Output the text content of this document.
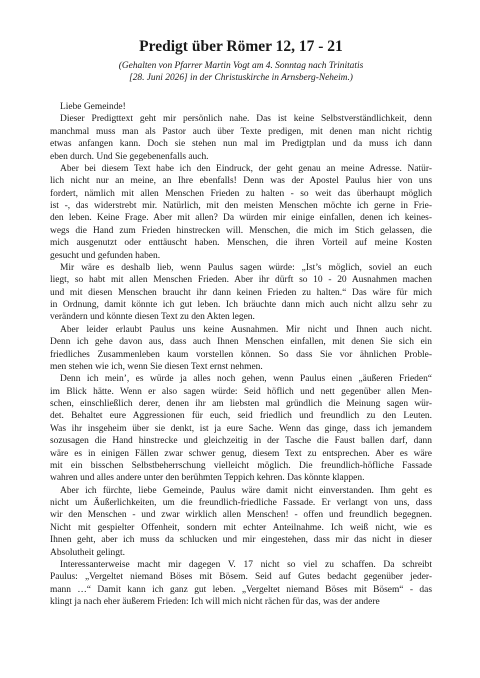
Predigt über Römer 12, 17 - 21
(Gehalten von Pfarrer Martin Vogt am 4. Sonntag nach Trinitatis
[28. Juni 2026] in der Christuskirche in Arnsberg-Neheim.)

Liebe Gemeinde!

Dieser Predigttext geht mir persönlich nahe. Das ist keine Selbstverständlichkeit, denn
manchmal muss man als Pastor auch über Texte predigen, mit denen man nicht richtig
etwas anfangen kann. Doch sie stehen nun mal im Predigtplan und da muss ich dann
eben durch. Und Sie gegebenenfalls auch.

Aber bei diesem Text habe ich den Eindruck, der geht genau an meine Adresse. Natür-
lich nicht nur an meine, an Ihre ebenfalls! Denn was der Apostel Paulus hier von uns
fordert, nämlich mit allen Menschen Frieden zu halten - so weit das überhaupt möglich
ist -, das widerstrebt mir. Natürlich, mit den meisten Menschen möchte ich gerne in Frie-
den leben. Keine Frage. Aber mit allen? Da würden mir einige einfallen, denen ich keines-
wegs die Hand zum Frieden hinstrecken will. Menschen, die mich im Stich gelassen, die
mich ausgenutzt oder enttäuscht haben. Menschen, die ihren Vorteil auf meine Kosten
gesucht und gefunden haben.

Mir wäre es deshalb lieb, wenn Paulus sagen würde: „Ist’s möglich, soviel an euch
liegt, so habt mit allen Menschen Frieden. Aber ihr dürft so 10 - 20 Ausnahmen machen
und mit diesen Menschen braucht ihr dann keinen Frieden zu halten.“ Das wäre für mich
in Ordnung, damit könnte ich gut leben. Ich bräuchte dann mich auch nicht allzu sehr zu
verändern und könnte diesen Text zu den Akten legen.

Aber leider erlaubt Paulus uns keine Ausnahmen. Mir nicht und Ihnen auch nicht.
Denn ich gehe davon aus, dass auch Ihnen Menschen einfallen, mit denen Sie sich ein
friedliches Zusammenleben kaum vorstellen können. So dass Sie vor ähnlichen Proble-
men stehen wie ich, wenn Sie diesen Text ernst nehmen.

Denn ich mein’, es würde ja alles noch gehen, wenn Paulus einen „äußeren Frieden“
im Blick hätte. Wenn er also sagen würde: Seid höflich und nett gegenüber allen Men-
schen, einschließlich derer, denen ihr am liebsten mal gründlich die Meinung sagen wür-
det. Behaltet eure Aggressionen für euch, seid friedlich und freundlich zu den Leuten.
Was ihr insgeheim über sie denkt, ist ja eure Sache. Wenn das ginge, dass ich jemandem
sozusagen die Hand hinstrecke und gleichzeitig in der Tasche die Faust ballen darf, dann
wäre es in einigen Fällen zwar schwer genug, diesem Text zu entsprechen. Aber es wäre
mit ein bisschen Selbstbeherrschung vielleicht möglich. Die freundlich-höfliche Fassade
wahren und alles andere unter den berühmten Teppich kehren. Das könnte klappen.

Aber ich fürchte, liebe Gemeinde, Paulus wäre damit nicht einverstanden. Ihm geht es
nicht um Äußerlichkeiten, um die freundlich-friedliche Fassade. Er verlangt von uns, dass
wir den Menschen - und zwar wirklich allen Menschen! - offen und freundlich begegnen.
Nicht mit gespielter Offenheit, sondern mit echter Anteilnahme. Ich weiß nicht, wie es
Ihnen geht, aber ich muss da schlucken und mir eingestehen, dass mir das nicht in dieser
Absolutheit gelingt.

Interessanterweise macht mir dagegen V. 17 nicht so viel zu schaffen. Da schreibt
Paulus: „Vergeltet niemand Böses mit Bösem. Seid auf Gutes bedacht gegenüber jeder-
mann …“ Damit kann ich ganz gut leben. „Vergeltet niemand Böses mit Bösem“ - das
klingt ja nach eher äußerem Frieden: Ich will mich nicht rächen für das, was der andere
